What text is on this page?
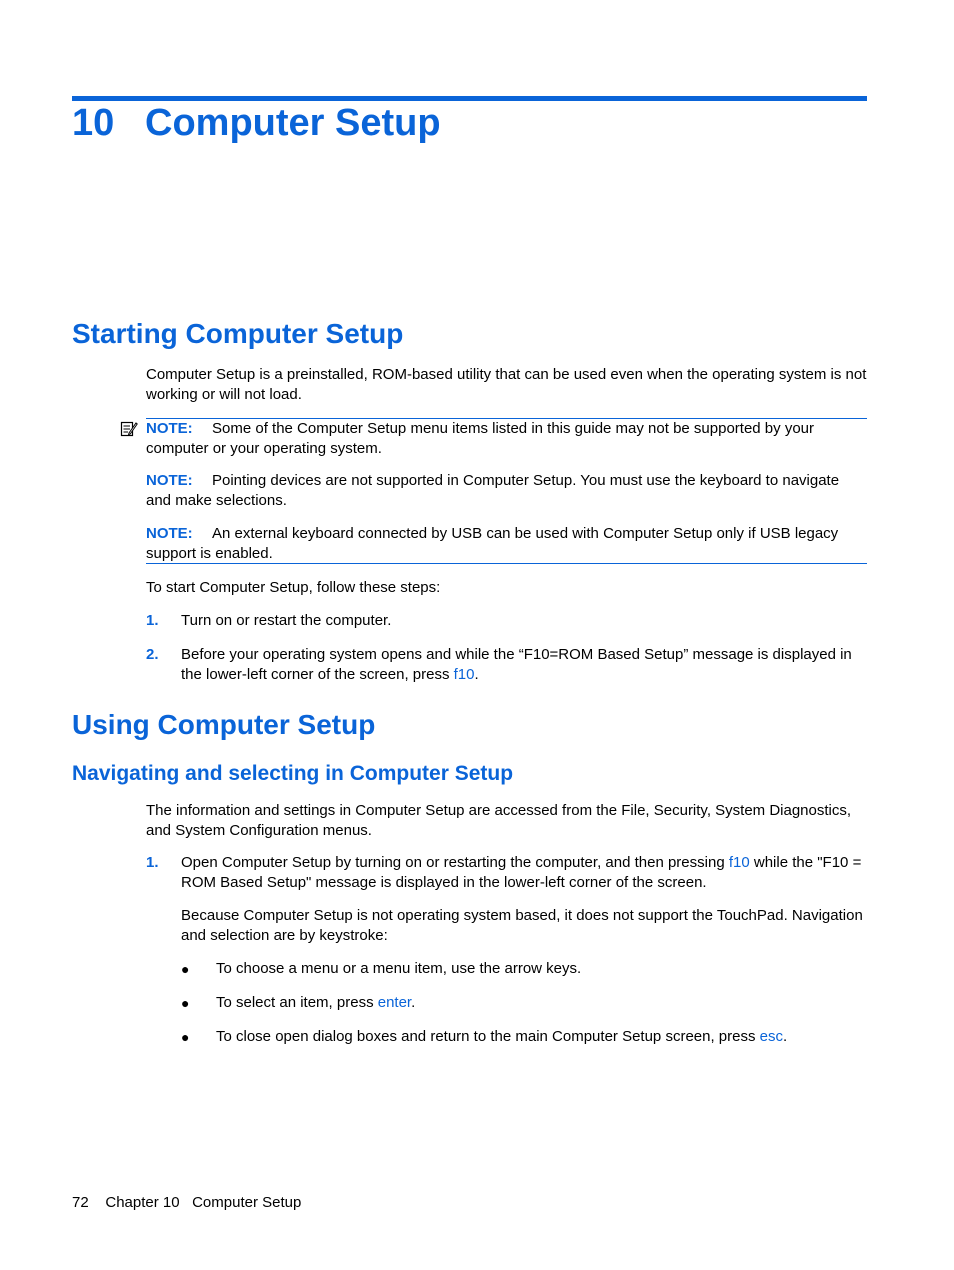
10 Computer Setup
Starting Computer Setup

Computer Setup is a preinstalled, ROM-based utility that can be used even when the operating system is not working or will not load.

NOTE: Some of the Computer Setup menu items listed in this guide may not be supported by your computer or your operating system.
NOTE: Pointing devices are not supported in Computer Setup. You must use the keyboard to navigate and make selections.
NOTE: An external keyboard connected by USB can be used with Computer Setup only if USB legacy support is enabled.

To start Computer Setup, follow these steps:

1. Turn on or restart the computer.

2. Before your operating system opens and while the “F10=ROM Based Setup” message is displayed in the lower-left corner of the screen, press f10.

Using Computer Setup
Navigating and selecting in Computer Setup

The information and settings in Computer Setup are accessed from the File, Security, System Diagnostics, and System Configuration menus.

1. Open Computer Setup by turning on or restarting the computer, and then pressing f10 while the "F10 = ROM Based Setup" message is displayed in the lower-left corner of the screen.

Because Computer Setup is not operating system based, it does not support the TouchPad. Navigation and selection are by keystroke:

● To choose a menu or a menu item, use the arrow keys.

● To select an item, press enter.

● To close open dialog boxes and return to the main Computer Setup screen, press esc.

72 Chapter 10 Computer Setup
